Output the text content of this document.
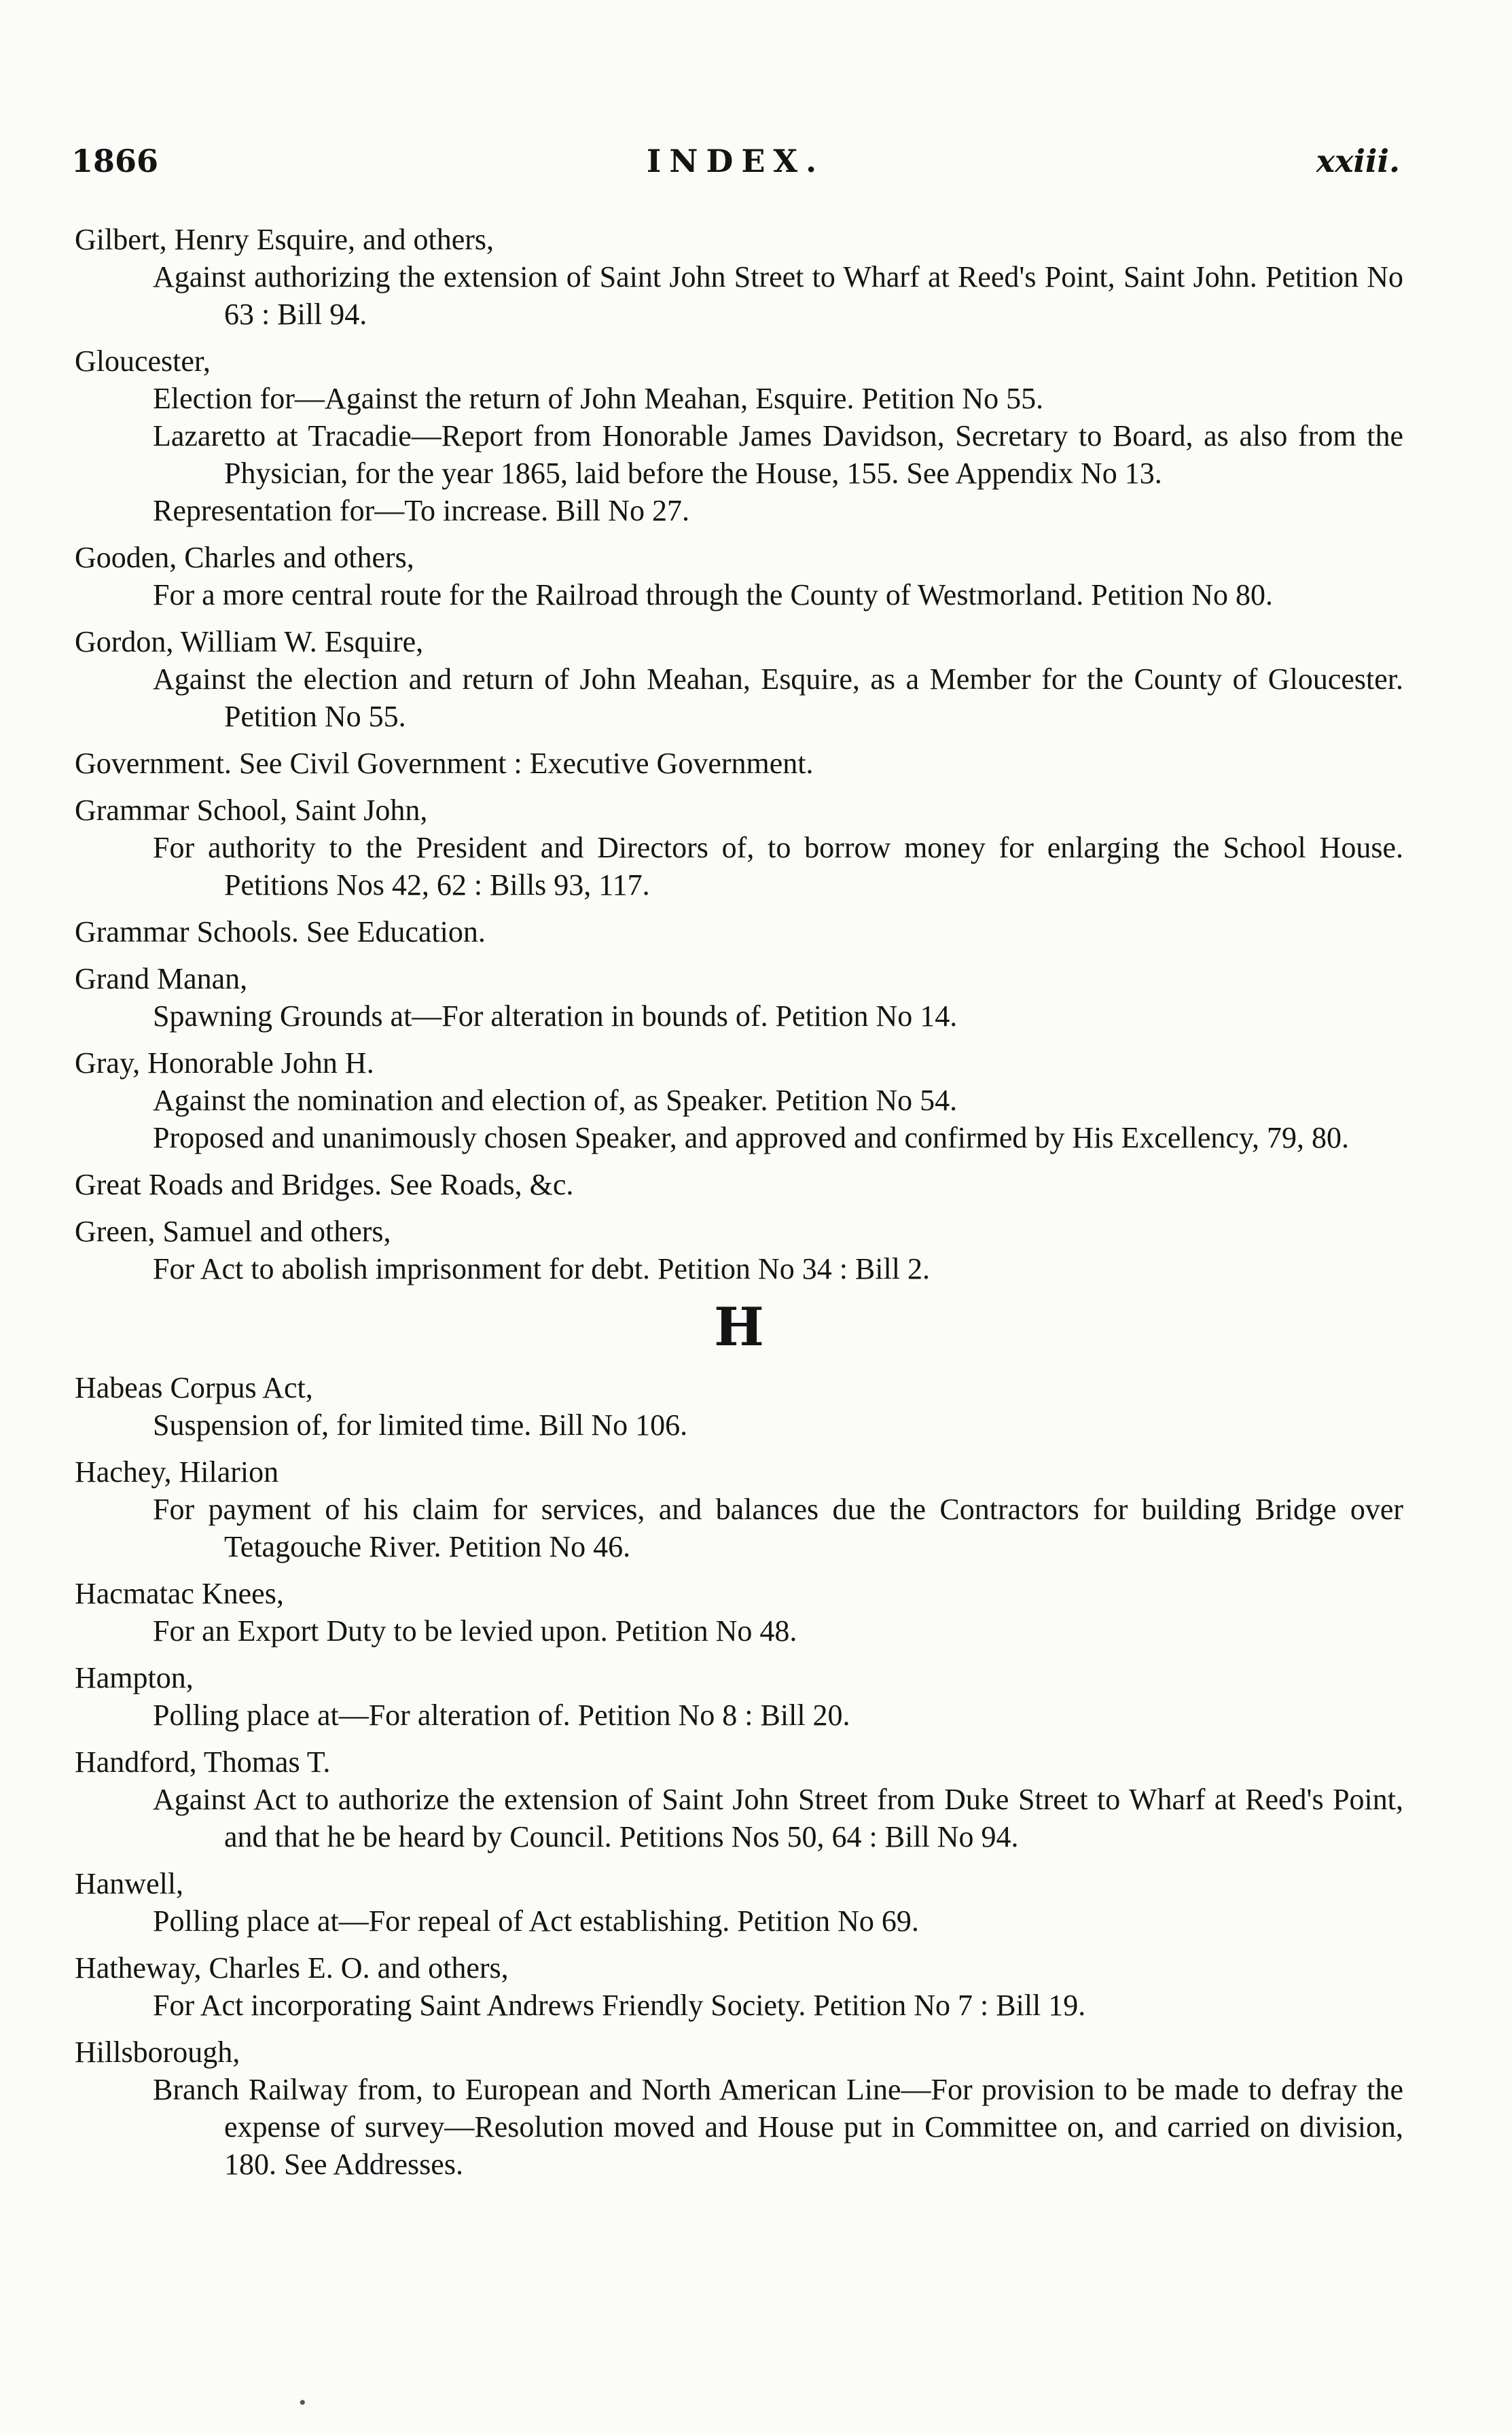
INDEX.
1866	xxiii.
Gilbert, Henry Esquire, and others,
Against authorizing the extension of Saint John Street to Wharf at Reed's Point, Saint John. Petition No 63 : Bill 94.
Gloucester,
Election for—Against the return of John Meahan, Esquire. Petition No 55.
Lazaretto at Tracadie—Report from Honorable James Davidson, Secretary to Board, as also from the Physician, for the year 1865, laid before the House, 155. See Appendix No 13.
Representation for—To increase. Bill No 27.
Gooden, Charles and others,
For a more central route for the Railroad through the County of Westmorland. Petition No 80.
Gordon, William W. Esquire,
Against the election and return of John Meahan, Esquire, as a Member for the County of Gloucester. Petition No 55.
Government. See Civil Government : Executive Government.
Grammar School, Saint John,
For authority to the President and Directors of, to borrow money for enlarging the School House. Petitions Nos 42, 62 : Bills 93, 117.
Grammar Schools. See Education.
Grand Manan,
Spawning Grounds at—For alteration in bounds of. Petition No 14.
Gray, Honorable John H.
Against the nomination and election of, as Speaker. Petition No 54.
Proposed and unanimously chosen Speaker, and approved and confirmed by His Excellency, 79, 80.
Great Roads and Bridges. See Roads, &c.
Green, Samuel and others,
For Act to abolish imprisonment for debt. Petition No 34 : Bill 2.
H
Habeas Corpus Act,
Suspension of, for limited time. Bill No 106.
Hachey, Hilarion
For payment of his claim for services, and balances due the Contractors for building Bridge over Tetagouche River. Petition No 46.
Hacmatac Knees,
For an Export Duty to be levied upon. Petition No 48.
Hampton,
Polling place at—For alteration of. Petition No 8 : Bill 20.
Handford, Thomas T.
Against Act to authorize the extension of Saint John Street from Duke Street to Wharf at Reed's Point, and that he be heard by Council. Petitions Nos 50, 64 : Bill No 94.
Hanwell,
Polling place at—For repeal of Act establishing. Petition No 69.
Hatheway, Charles E. O. and others,
For Act incorporating Saint Andrews Friendly Society. Petition No 7 : Bill 19.
Hillsborough,
Branch Railway from, to European and North American Line—For provision to be made to defray the expense of survey—Resolution moved and House put in Committee on, and carried on division, 180. See Addresses.
•
